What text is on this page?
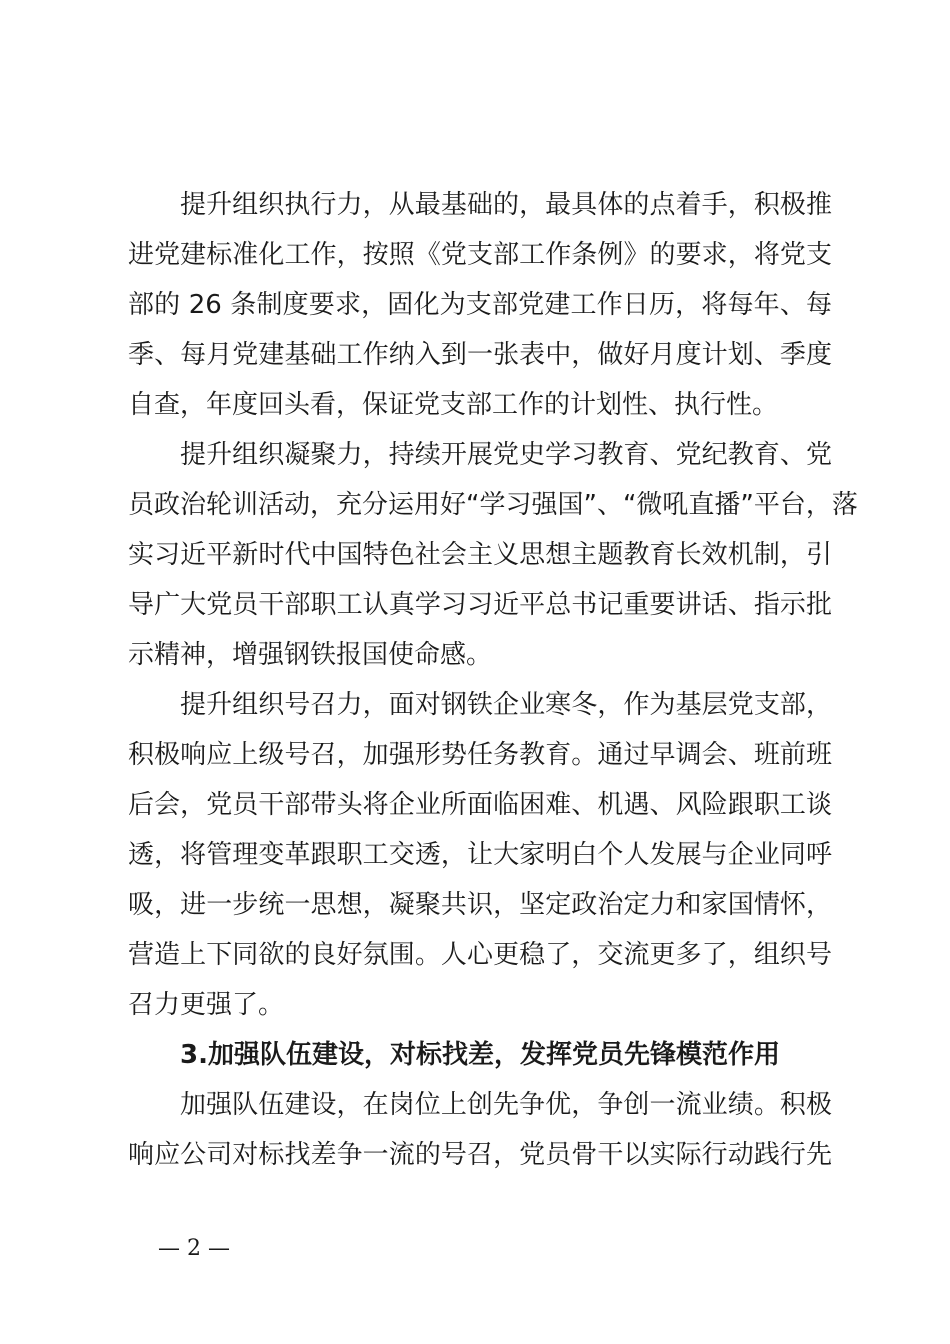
提升组织执行力，从最基础的，最具体的点着手，积极推

进党建标准化工作，按照《党支部工作条例》的要求，将党支

部的 26 条制度要求，固化为支部党建工作日历，将每年、每

季、每月党建基础工作纳入到一张表中，做好月度计划、季度

自查，年度回头看，保证党支部工作的计划性、执行性。

提升组织凝聚力，持续开展党史学习教育、党纪教育、党

员政治轮训活动，充分运用好“学习强国”、“微吼直播”平台，落

实习近平新时代中国特色社会主义思想主题教育长效机制，引

导广大党员干部职工认真学习习近平总书记重要讲话、指示批

示精神，增强钢铁报国使命感。

提升组织号召力，面对钢铁企业寒冬，作为基层党支部，

积极响应上级号召，加强形势任务教育。通过早调会、班前班

后会，党员干部带头将企业所面临困难、机遇、风险跟职工谈

透，将管理变革跟职工交透，让大家明白个人发展与企业同呼

吸，进一步统一思想，凝聚共识，坚定政治定力和家国情怀，

营造上下同欲的良好氛围。人心更稳了，交流更多了，组织号

召力更强了。

3.加强队伍建设，对标找差，发挥党员先锋模范作用

加强队伍建设，在岗位上创先争优，争创一流业绩。积极

响应公司对标找差争一流的号召，党员骨干以实际行动践行先

— 2 —
